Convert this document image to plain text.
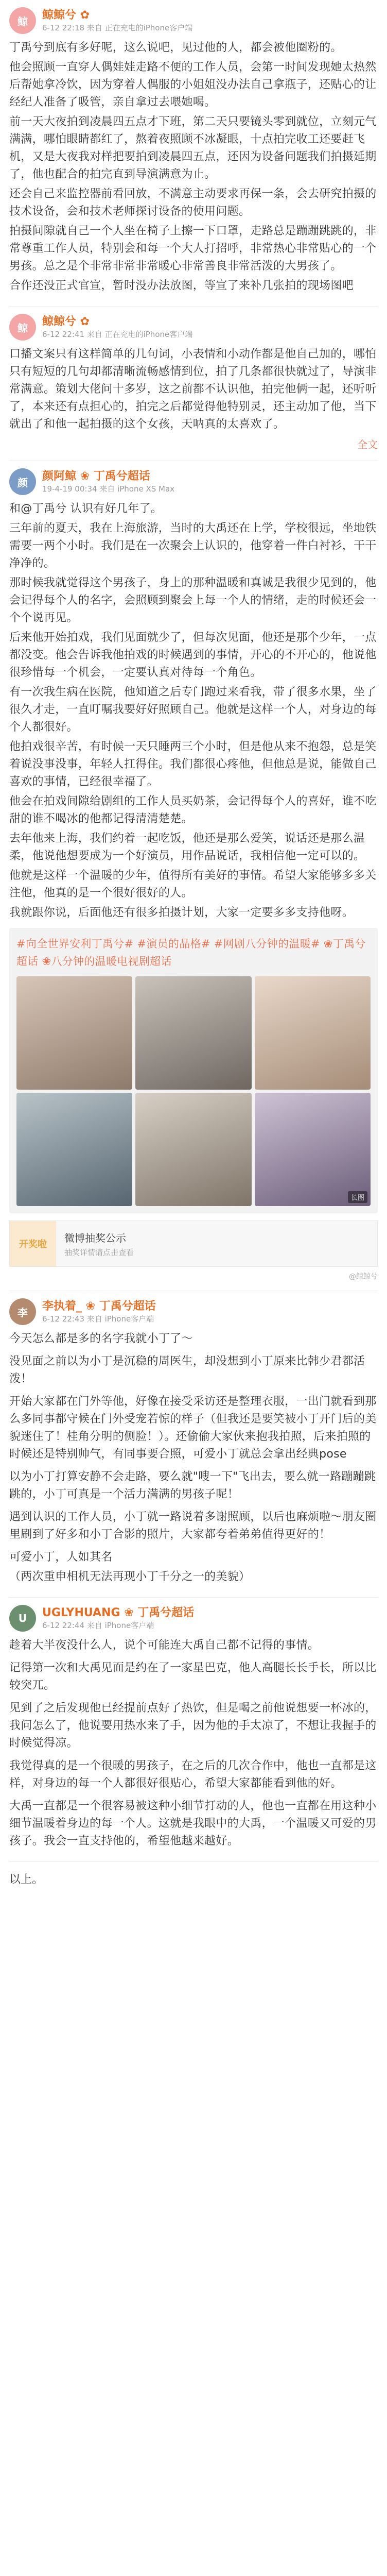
鲸	鲸鲸兮 ✿
6-12 22:18 来自 正在充电的iPhone客户端

丁禹兮到底有多好呢，这么说吧，见过他的人，都会被他圈粉的。

他会照顾一直穿人偶娃娃走路不便的工作人员，会第一时间发现她太热然后帮她拿冷饮，因为穿着人偶服的小姐姐没办法自己拿瓶子，还贴心的让经纪人准备了吸管，亲自拿过去喂她喝。

前一天大夜拍到凌晨四五点才下班，第二天只要镜头零到就位，立刻元气满满，哪怕眼睛都红了，熬着夜照顾不冰凝眼，十点拍完收工还要赶飞机，又是大夜我对样把要拍到凌晨四五点，还因为设备问题我们拍摄延期了，他也配合的拍完直到导演满意为止。

还会自己来监控器前看回放，不满意主动要求再保一条，会去研究拍摄的技术设备，会和技术老师探讨设备的使用问题。

拍摄间隙就自己一个人坐在椅子上擦一下口罩，走路总是蹦蹦跳跳的，非常尊重工作人员，特别会和每一个大人打招呼，非常热心非常贴心的一个男孩。总之是个非常非常非常暖心非常善良非常活泼的大男孩了。

合作还没正式官宣，暂时没办法放图，等宣了来补几张拍的现场图吧

鲸	鲸鲸兮 ✿
6-12 22:41 来自 正在充电的iPhone客户端

口播文案只有这样简单的几句词，小表情和小动作都是他自己加的，哪怕只有短短的几句却都清晰流畅感情到位，拍了几条都很快就过了，导演非常满意。策划大佬问十多岁，这之前都不认识他，拍完他俩一起，还听听了，本来还有点担心的，拍完之后都觉得他特别灵，还主动加了他，当下就出了和他一起拍摄的这个女孩，天呐真的太喜欢了。

全文
颜	颜阿鲸 ❀ 丁禹兮超话
19-4-19 00:34 来自 iPhone XS Max

和@丁禹兮 认识有好几年了。

三年前的夏天，我在上海旅游，当时的大禹还在上学，学校很远，坐地铁需要一两个小时。我们是在一次聚会上认识的，他穿着一件白衬衫，干干净净的。

那时候我就觉得这个男孩子，身上的那种温暖和真诚是我很少见到的，他会记得每个人的名字，会照顾到聚会上每一个人的情绪，走的时候还会一个个说再见。

后来他开始拍戏，我们见面就少了，但每次见面，他还是那个少年，一点都没变。他会告诉我他拍戏的时候遇到的事情，开心的不开心的，他说他很珍惜每一个机会，一定要认真对待每一个角色。

有一次我生病在医院，他知道之后专门跑过来看我，带了很多水果，坐了很久才走，一直叮嘱我要好好照顾自己。他就是这样一个人，对身边的每个人都很好。

他拍戏很辛苦，有时候一天只睡两三个小时，但是他从来不抱怨，总是笑着说没事没事，年轻人扛得住。我们都很心疼他，但他总是说，能做自己喜欢的事情，已经很幸福了。

他会在拍戏间隙给剧组的工作人员买奶茶，会记得每个人的喜好，谁不吃甜的谁不喝冰的他都记得清清楚楚。

去年他来上海，我们约着一起吃饭，他还是那么爱笑，说话还是那么温柔，他说他想要成为一个好演员，用作品说话，我相信他一定可以的。

他就是这样一个温暖的少年，值得所有美好的事情。希望大家能够多多关注他，他真的是一个很好很好的人。

我就跟你说，后面他还有很多拍摄计划，大家一定要多多支持他呀。

#向全世界安利丁禹兮# #演员的品格# #网剧八分钟的温暖# ❀丁禹兮超话 ❀八分钟的温暖电视剧超话
长图
开奖啦
微博抽奖公示
抽奖详情请点击查看
@鲸鲸兮
李	李执着_ ❀ 丁禹兮超话
6-12 22:43 来自 iPhone客户端

今天怎么都是多的名字我就小丁了～

没见面之前以为小丁是沉稳的周医生，却没想到小丁原来比韩少君都活泼！

开始大家都在门外等他，好像在接受采访还是整理衣服，一出门就看到那么多同事都守候在门外受宠若惊的样子（但我还是要笑被小丁开门后的美貌迷住了！桂角分明的侧脸！）。还偷偷大家伙来抱我拍照，后来拍照的时候还是特别帅气，有同事要合照，可爱小丁就总会拿出经典pose

以为小丁打算安静不会走路，要么就"嗖一下"飞出去，要么就一路蹦蹦跳跳的，小丁可真是一个活力满满的男孩子呢！

遇到认识的工作人员，小丁就一路说着多谢照顾，以后也麻烦啦～朋友圈里刷到了好多和小丁合影的照片，大家都夸着弟弟值得更好的！

可爱小丁，人如其名

（两次重申相机无法再现小丁千分之一的美貌）

U	UGLYHUANG ❀ 丁禹兮超话
6-12 22:44 来自 iPhone客户端

趁着大半夜没什么人，说个可能连大禹自己都不记得的事情。

记得第一次和大禹见面是约在了一家星巴克，他人高腿长长手长，所以比较突兀。

见到了之后发现他已经提前点好了热饮，但是喝之前他说想要一杯冰的，我问怎么了，他说要用热水来了手，因为他的手太凉了，不想让我握手的时候觉得凉。

我觉得真的是一个很暖的男孩子，在之后的几次合作中，他也一直都是这样，对身边的每一个人都很好很贴心，希望大家都能看到他的好。

大禹一直都是一个很容易被这种小细节打动的人，他也一直都在用这种小细节温暖着身边的每一个人。这就是我眼中的大禹，一个温暖又可爱的男孩子。我会一直支持他的，希望他越来越好。

以上。
